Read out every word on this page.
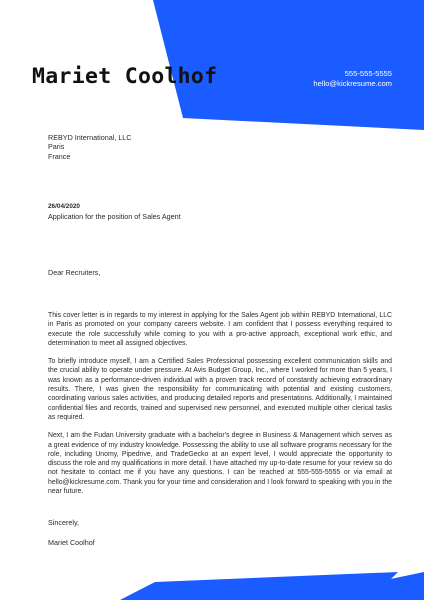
Mariet Coolhof	555-555-5555
hello@kickresume.com
REBYD International, LLC
Paris
France
26/04/2020
Application for the position of Sales Agent
Dear Recruiters,

This cover letter is in regards to my interest in applying for the Sales Agent job within REBYD International, LLC in Paris as promoted on your company careers website. I am confident that I possess everything required to execute the role successfully while coming to you with a pro-active approach, exceptional work ethic, and determination to meet all assigned objectives.

To briefly introduce myself, I am a Certified Sales Professional possessing excellent communication skills and the crucial ability to operate under pressure. At Avis Budget Group, Inc., where I worked for more than 5 years, I was known as a performance-driven individual with a proven track record of constantly achieving extraordinary results. There, I was given the responsibility for communicating with potential and existing customers, coordinating various sales activities, and producing detailed reports and presentations. Additionally, I maintained confidential files and records, trained and supervised new personnel, and executed multiple other clerical tasks as required.

Next, I am the Fudan University graduate with a bachelor's degree in Business & Management which serves as a great evidence of my industry knowledge. Possessing the ability to use all software programs necessary for the role, including Unomy, Pipedrive, and TradeGecko at an expert level, I would appreciate the opportunity to discuss the role and my qualifications in more detail. I have attached my up-to-date resume for your review so do not hesitate to contact me if you have any questions. I can be reached at 555-555-5555 or via email at hello@kickresume.com. Thank you for your time and consideration and I look forward to speaking with you in the near future.

Sincerely,
Mariet Coolhof
